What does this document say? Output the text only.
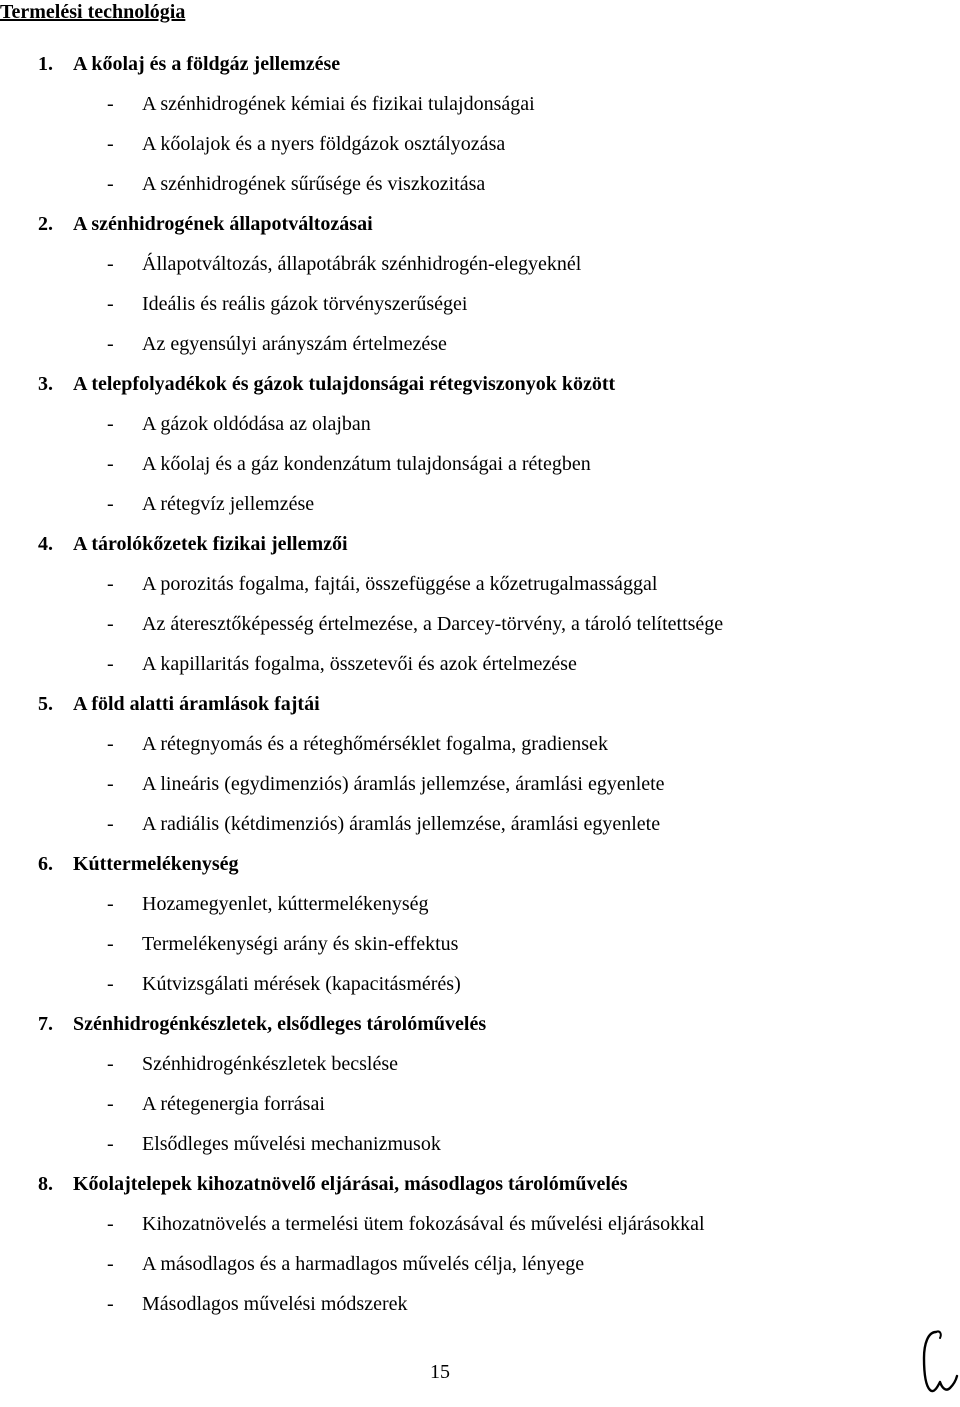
Termelési technológia
1. A kőolaj és a földgáz jellemzése
- A szénhidrogének kémiai és fizikai tulajdonságai
- A kőolajok és a nyers földgázok osztályozása
- A szénhidrogének sűrűsége és viszkozitása
2. A szénhidrogének állapotváltozásai
- Állapotváltozás, állapotábrák szénhidrogén-elegyeknél
- Ideális és reális gázok törvényszerűségei
- Az egyensúlyi arányszám értelmezése
3. A telepfolyadékok és gázok tulajdonságai rétegviszonyok között
- A gázok oldódása az olajban
- A kőolaj és a gáz kondenzátum tulajdonságai a rétegben
- A rétegvíz jellemzése
4. A tárolókőzetek fizikai jellemzői
- A porozitás fogalma, fajtái, összefüggése a kőzetrugalmassággal
- Az áteresztőképesség értelmezése, a Darcey-törvény, a tároló telítettsége
- A kapillaritás fogalma, összetevői és azok értelmezése
5. A föld alatti áramlások fajtái
- A rétegnyomás és a réteghőmérséklet fogalma, gradiensek
- A lineáris (egydimenziós) áramlás jellemzése, áramlási egyenlete
- A radiális (kétdimenziós) áramlás jellemzése, áramlási egyenlete
6. Kúttermelékenység
- Hozamegyenlet, kúttermelékenység
- Termelékenységi arány és skin-effektus
- Kútvizsgálati mérések (kapacitásmérés)
7. Szénhidrogénkészletek, elsődleges tárolóművelés
- Szénhidrogénkészletek becslése
- A rétegenergia forrásai
- Elsődleges művelési mechanizmusok
8. Kőolajtelepek kihozatnövelő eljárásai, másodlagos tárolóművelés
- Kihozatnövelés a termelési ütem fokozásával és művelési eljárásokkal
- A másodlagos és a harmadlagos művelés célja, lényege
- Másodlagos művelési módszerek
15
